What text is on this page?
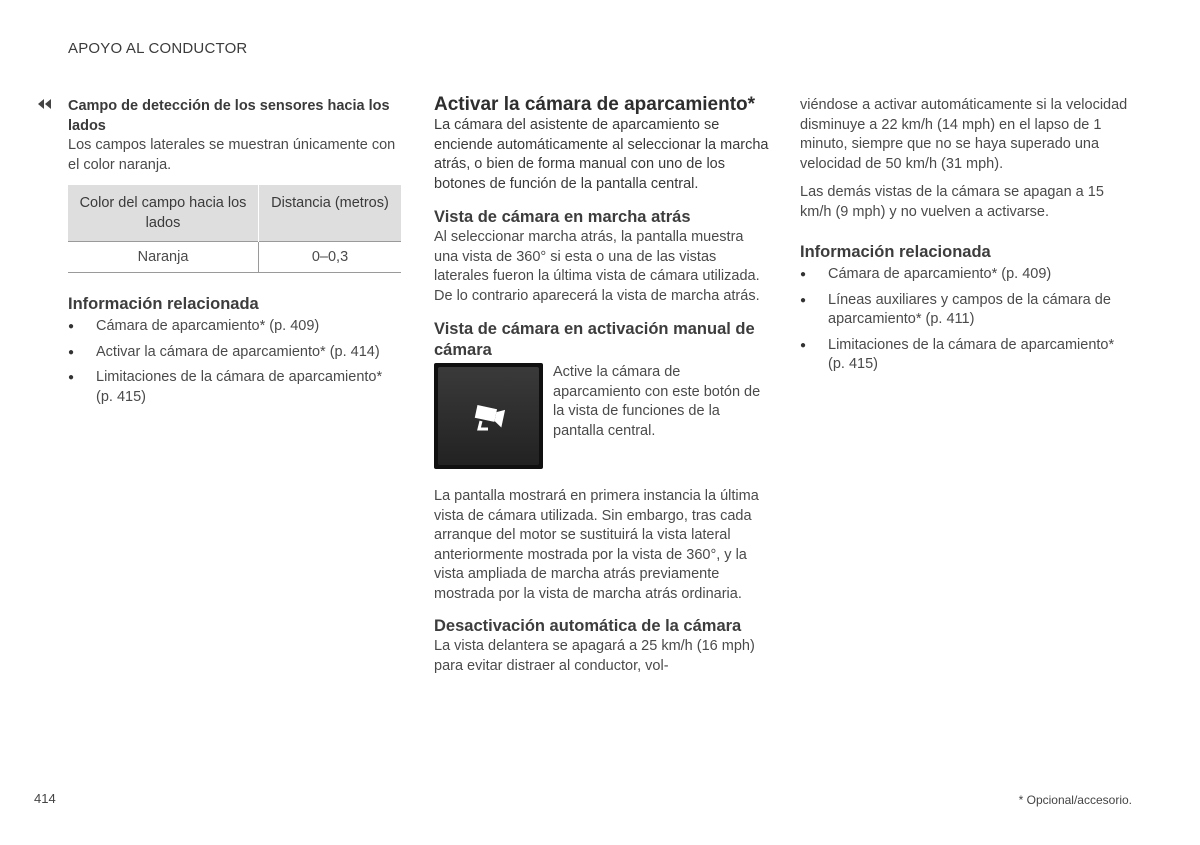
APOYO AL CONDUCTOR
Campo de detección de los sensores hacia los lados

Los campos laterales se muestran únicamente con el color naranja.

Color del campo hacia los lados	Distancia (metros)
Naranja	0–0,3
Información relacionada
● Cámara de aparcamiento* (p. 409)
● Activar la cámara de aparcamiento* (p. 414)
● Limitaciones de la cámara de aparcamiento* (p. 415)
Activar la cámara de aparcamiento*

La cámara del asistente de aparcamiento se enciende automáticamente al seleccionar la marcha atrás, o bien de forma manual con uno de los botones de función de la pantalla central.

Vista de cámara en marcha atrás

Al seleccionar marcha atrás, la pantalla muestra una vista de 360° si esta o una de las vistas laterales fueron la última vista de cámara utilizada. De lo contrario aparecerá la vista de marcha atrás.

Vista de cámara en activación manual de cámara

Active la cámara de aparcamiento con este botón de la vista de funciones de la pantalla central.

La pantalla mostrará en primera instancia la última vista de cámara utilizada. Sin embargo, tras cada arranque del motor se sustituirá la vista lateral anteriormente mostrada por la vista de 360°, y la vista ampliada de marcha atrás previamente mostrada por la vista de marcha atrás ordinaria.

Desactivación automática de la cámara

La vista delantera se apagará a 25 km/h (16 mph) para evitar distraer al conductor, vol-

viéndose a activar automáticamente si la velocidad disminuye a 22 km/h (14 mph) en el lapso de 1 minuto, siempre que no se haya superado una velocidad de 50 km/h (31 mph).

Las demás vistas de la cámara se apagan a 15 km/h (9 mph) y no vuelven a activarse.

Información relacionada
● Cámara de aparcamiento* (p. 409)
● Líneas auxiliares y campos de la cámara de aparcamiento* (p. 411)
● Limitaciones de la cámara de aparcamiento* (p. 415)
414	* Opcional/accesorio.
